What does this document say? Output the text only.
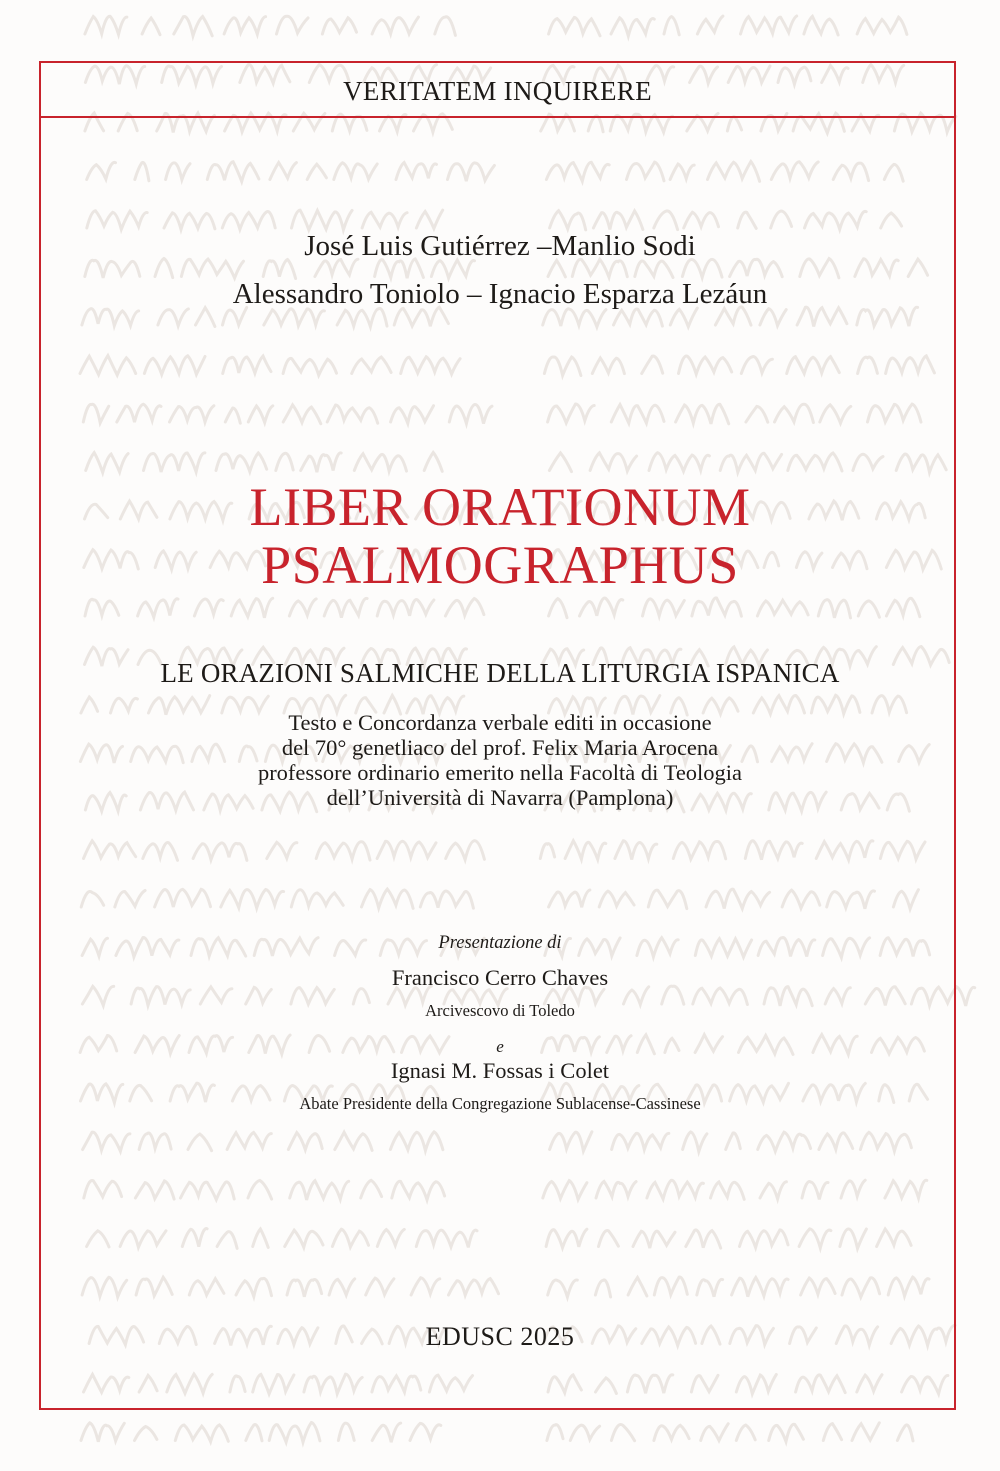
VERITATEM INQUIRERE
José Luis Gutiérrez –Manlio Sodi
Alessandro Toniolo – Ignacio Esparza Lezáun
LIBER ORATIONUM
PSALMOGRAPHUS
LE ORAZIONI SALMICHE DELLA LITURGIA ISPANICA
Testo e Concordanza verbale editi in occasione
del 70° genetliaco del prof. Felix Maria Arocena
professore ordinario emerito nella Facoltà di Teologia
dell’Università di Navarra (Pamplona)
Presentazione di
Francisco Cerro Chaves
Arcivescovo di Toledo
e
Ignasi M. Fossas i Colet
Abate Presidente della Congregazione Sublacense-Cassinese
EDUSC 2025
